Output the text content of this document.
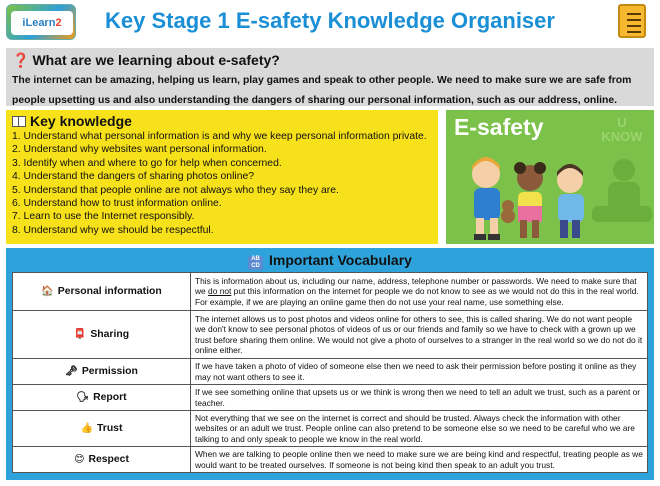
iLearn2	Key Stage 1 E-safety Knowledge Organiser
❓ What are we learning about e-safety?

The internet can be amazing, helping us learn, play games and speak to other people. We need to make sure we are safe from people upsetting us and also understanding the dangers of sharing our personal information, such as our address, online.

Key knowledge
1. Understand what personal information is and why we keep personal information private.
2. Understand why websites want personal information.
3. Identify when and where to go for help when concerned.
4. Understand the dangers of sharing photos online?
5. Understand that people online are not always who they say they are.
6. Understand how to trust information online.
7. Learn to use the Internet responsibly.
8. Understand why we should be respectful.
E-safety	U KNOW
AB
CD Important Vocabulary
🏠 Personal information	This is information about us, including our name, address, telephone number or passwords. We need to make sure that we do not put this information on the internet for people we do not know to see as we would not do this in the real world. For example, if we are playing an online game then do not use your real name, use something else.
📮 Sharing	The internet allows us to post photos and videos online for others to see, this is called sharing. We do not want people we don't know to see personal photos of videos of us or our friends and family so we have to check with a grown up we trust before sharing them online. We would not give a photo of ourselves to a stranger in the real world so we do not do it online either.
🗝 Permission	If we have taken a photo of video of someone else then we need to ask their permission before posting it online as they may not want others to see it.
🗣 Report	If we see something online that upsets us or we think is wrong then we need to tell an adult we trust, such as a parent or teacher.
👍 Trust	Not everything that we see on the internet is correct and should be trusted. Always check the information with other websites or an adult we trust. People online can also pretend to be someone else so we need to be careful who we are talking to and only speak to people we know in the real world.
😊 Respect	When we are talking to people online then we need to make sure we are being kind and respectful, treating people as we would want to be treated ourselves. If someone is not being kind then speak to an adult you trust.
